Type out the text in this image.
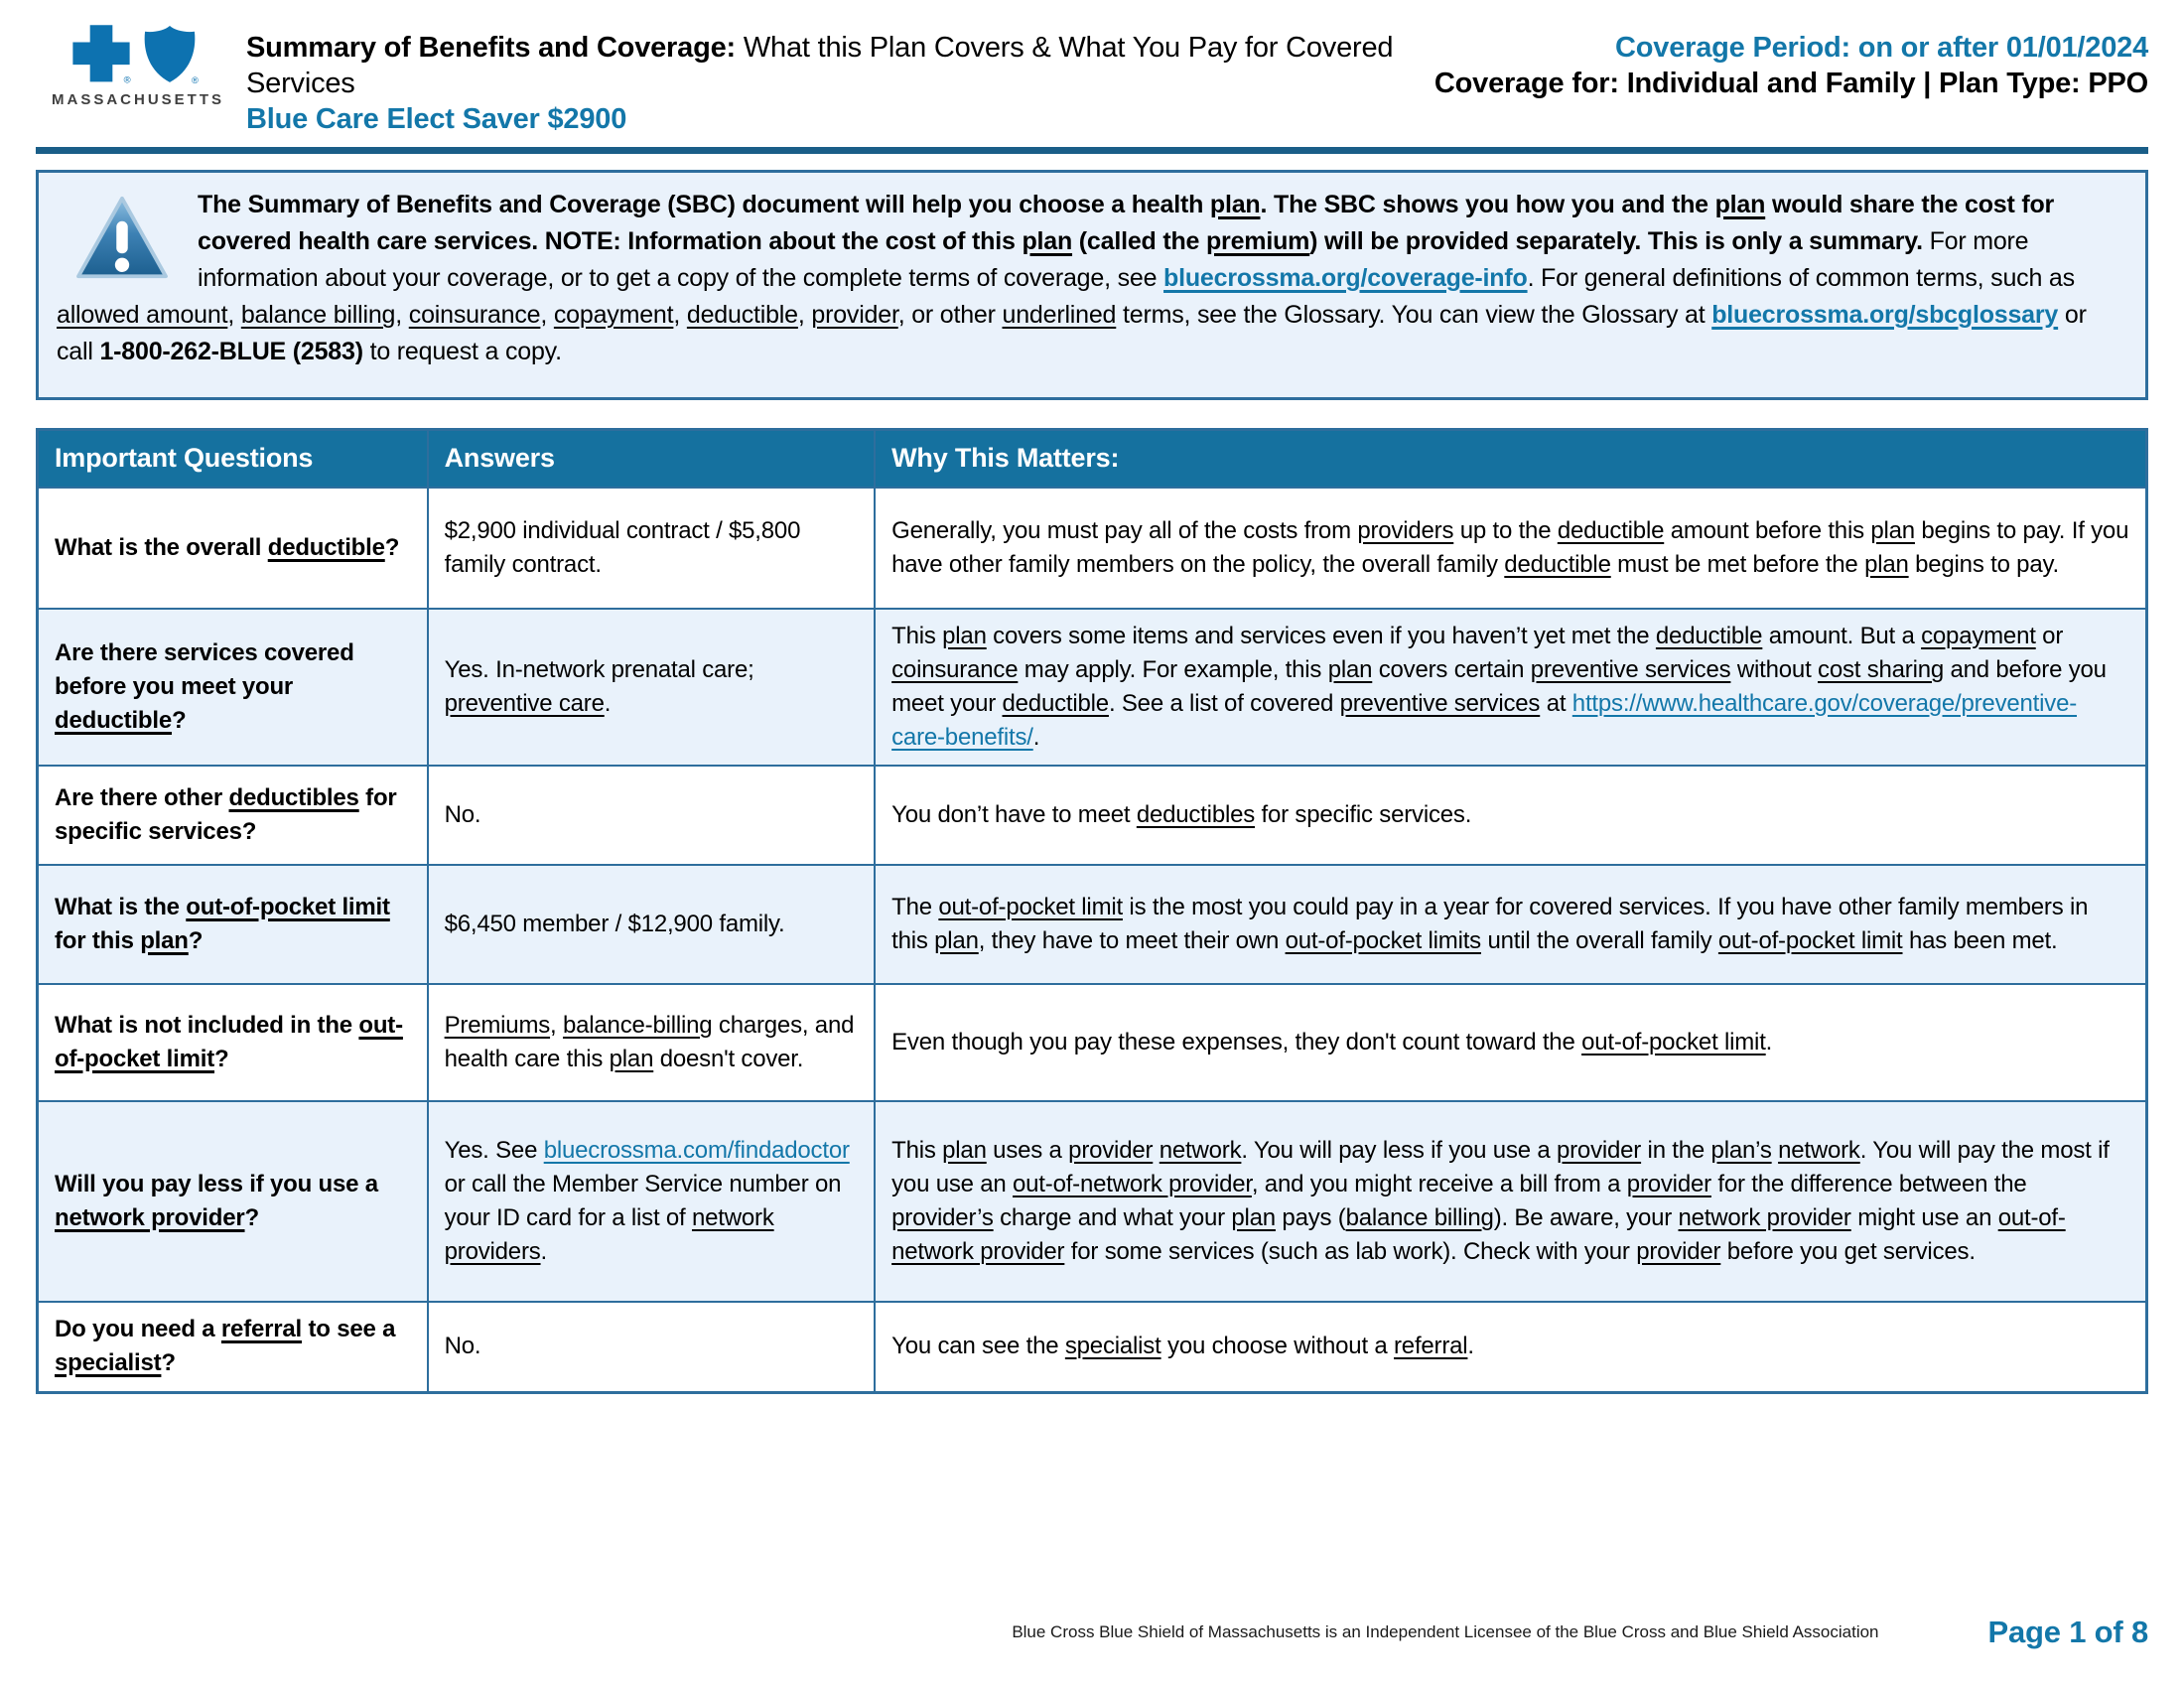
®	®
MASSACHUSETTS
Summary of Benefits and Coverage: What this Plan Covers & What You Pay for Covered Services
Blue Care Elect Saver $2900
Coverage Period: on or after 01/01/2024
Coverage for: Individual and Family | Plan Type: PPO
The Summary of Benefits and Coverage (SBC) document will help you choose a health plan. The SBC shows you how you and the plan would share the cost for covered health care services. NOTE: Information about the cost of this plan (called the premium) will be provided separately. This is only a summary. For more information about your coverage, or to get a copy of the complete terms of coverage, see bluecrossma.org/coverage-info. For general definitions of common terms, such as allowed amount, balance billing, coinsurance, copayment, deductible, provider, or other underlined terms, see the Glossary. You can view the Glossary at bluecrossma.org/sbcglossary or call 1-800-262-BLUE (2583) to request a copy.
Important Questions	Answers	Why This Matters:
What is the overall deductible?	$2,900 individual contract / $5,800 family contract.	Generally, you must pay all of the costs from providers up to the deductible amount before this plan begins to pay. If you have other family members on the policy, the overall family deductible must be met before the plan begins to pay.
Are there services covered before you meet your deductible?	Yes. In-network prenatal care; preventive care.	This plan covers some items and services even if you haven’t yet met the deductible amount. But a copayment or coinsurance may apply. For example, this plan covers certain preventive services without cost sharing and before you meet your deductible. See a list of covered preventive services at https://www.healthcare.gov/coverage/preventive-care-benefits/.
Are there other deductibles for specific services?	No.	You don’t have to meet deductibles for specific services.
What is the out-of-pocket limit for this plan?	$6,450 member / $12,900 family.	The out-of-pocket limit is the most you could pay in a year for covered services. If you have other family members in this plan, they have to meet their own out-of-pocket limits until the overall family out-of-pocket limit has been met.
What is not included in the out-of-pocket limit?	Premiums, balance-billing charges, and health care this plan doesn't cover.	Even though you pay these expenses, they don't count toward the out-of-pocket limit.
Will you pay less if you use a network provider?	Yes. See bluecrossma.com/findadoctor or call the Member Service number on your ID card for a list of network providers.	This plan uses a provider network. You will pay less if you use a provider in the plan’s network. You will pay the most if you use an out-of-network provider, and you might receive a bill from a provider for the difference between the provider’s charge and what your plan pays (balance billing). Be aware, your network provider might use an out-of-network provider for some services (such as lab work). Check with your provider before you get services.
Do you need a referral to see a specialist?	No.	You can see the specialist you choose without a referral.
Blue Cross Blue Shield of Massachusetts is an Independent Licensee of the Blue Cross and Blue Shield Association	Page 1 of 8
